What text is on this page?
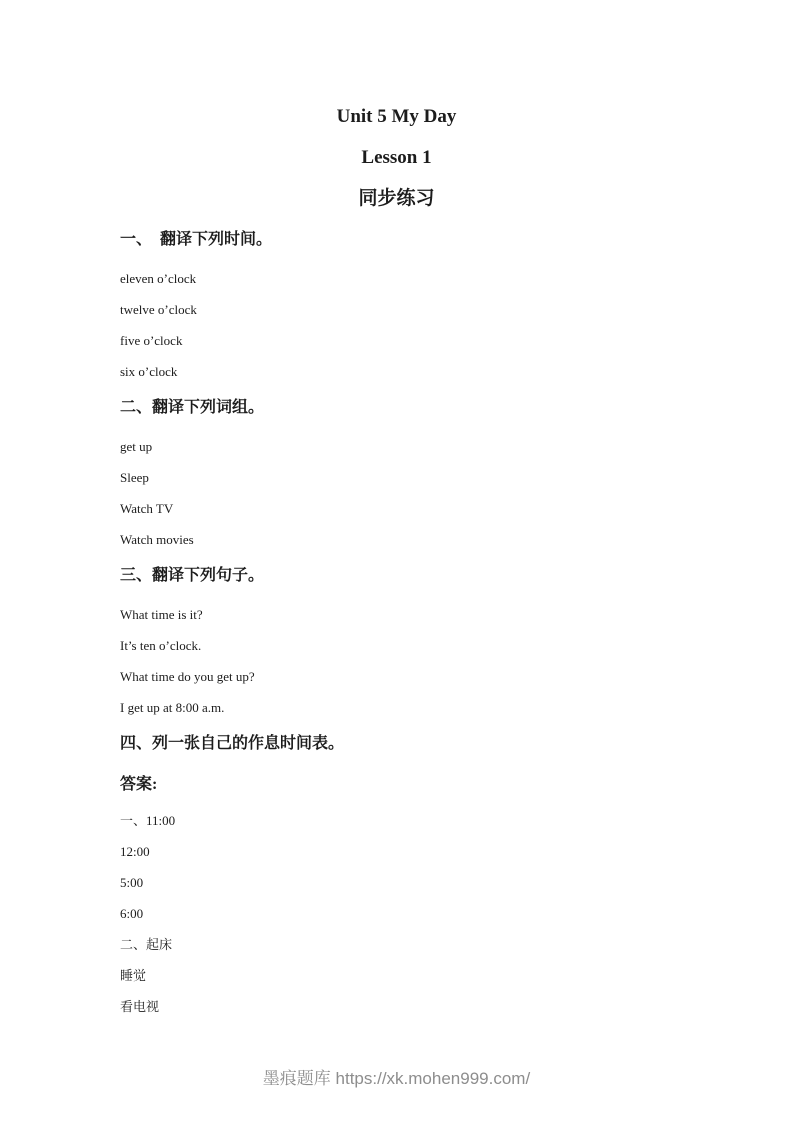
Unit 5 My Day
Lesson 1
同步练习
一、　翻译下列时间。

eleven o’clock

twelve o’clock

five o’clock

six o’clock

二、翻译下列词组。

get up

Sleep

Watch TV

Watch movies

三、翻译下列句子。

What time is it?

It’s ten o’clock.

What time do you get up?

I get up at 8:00 a.m.

四、列一张自己的作息时间表。
答案:

一、11:00

12:00

5:00

6:00

二、起床

睡觉

看电视

墨痕题库 https://xk.mohen999.com/
